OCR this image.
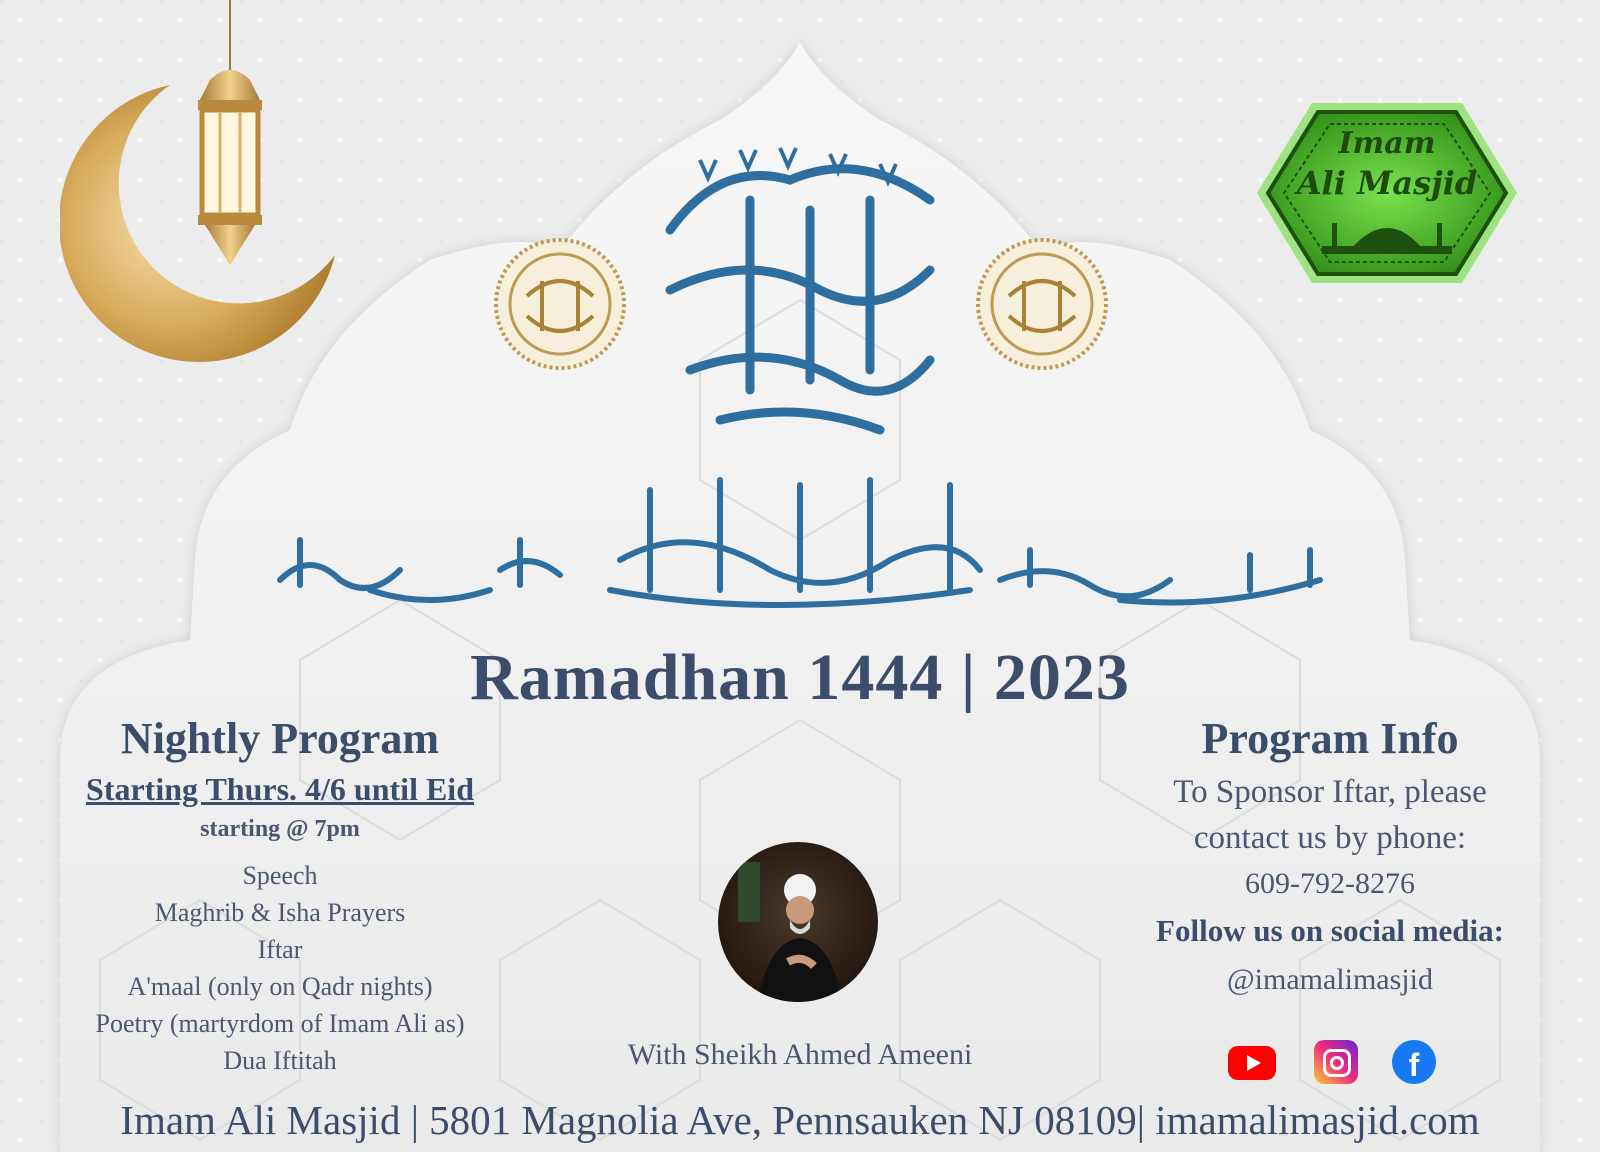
Imam
Ali Masjid
Ramadhan 1444 | 2023
Nightly Program
Starting Thurs. 4/6 until Eid
starting @ 7pm
Speech
Maghrib & Isha Prayers
Iftar
A'maal (only on Qadr nights)
Poetry (martyrdom of Imam Ali as)
Dua Iftitah	With Sheikh Ahmed Ameeni
Program Info
To Sponsor Iftar, please
contact us by phone:
609-792-8276
Follow us on social media:
@imamalimasjid
f
Imam Ali Masjid | 5801 Magnolia Ave, Pennsauken NJ 08109| imamalimasjid.com
